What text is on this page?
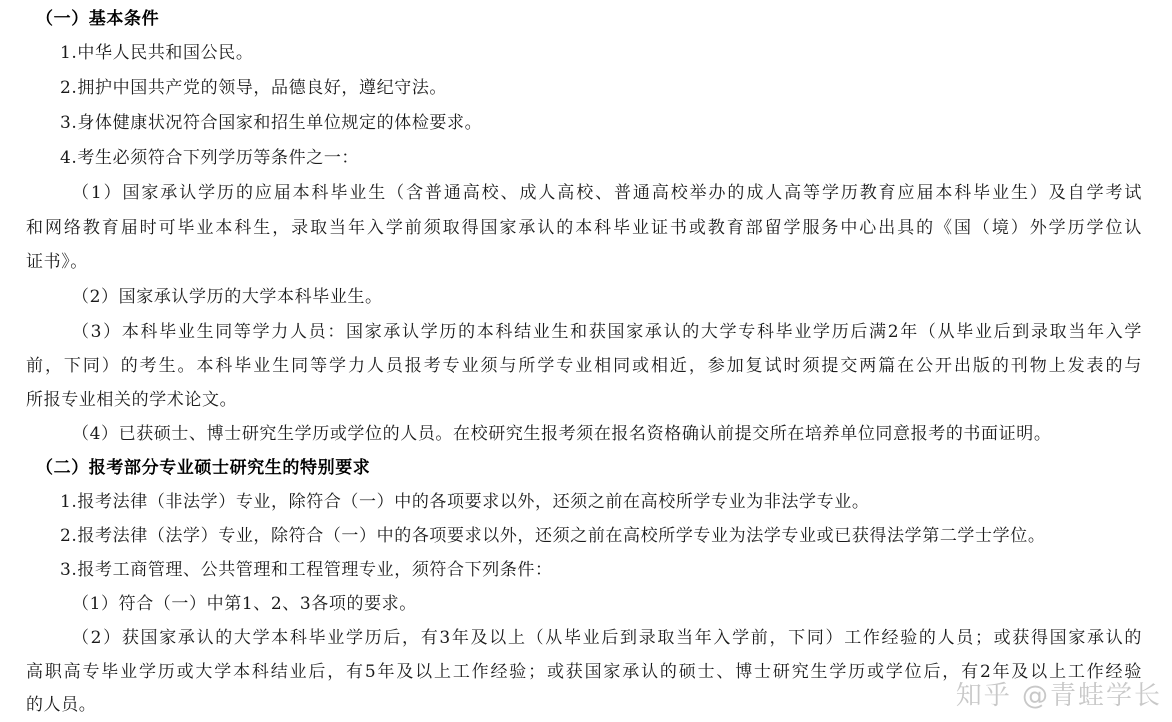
（一）基本条件
1.中华人民共和国公民。
2.拥护中国共产党的领导，品德良好，遵纪守法。
3.身体健康状况符合国家和招生单位规定的体检要求。
4.考生必须符合下列学历等条件之一：
（1）国家承认学历的应届本科毕业生（含普通高校、成人高校、普通高校举办的成人高等学历教育应届本科毕业生）及自学考试
和网络教育届时可毕业本科生，录取当年入学前须取得国家承认的本科毕业证书或教育部留学服务中心出具的《国（境）外学历学位认
证书》。
（2）国家承认学历的大学本科毕业生。
（3）本科毕业生同等学力人员：国家承认学历的本科结业生和获国家承认的大学专科毕业学历后满2年（从毕业后到录取当年入学
前，下同）的考生。本科毕业生同等学力人员报考专业须与所学专业相同或相近，参加复试时须提交两篇在公开出版的刊物上发表的与
所报专业相关的学术论文。
（4）已获硕士、博士研究生学历或学位的人员。在校研究生报考须在报名资格确认前提交所在培养单位同意报考的书面证明。
（二）报考部分专业硕士研究生的特别要求
1.报考法律（非法学）专业，除符合（一）中的各项要求以外，还须之前在高校所学专业为非法学专业。
2.报考法律（法学）专业，除符合（一）中的各项要求以外，还须之前在高校所学专业为法学专业或已获得法学第二学士学位。
3.报考工商管理、公共管理和工程管理专业，须符合下列条件：
（1）符合（一）中第1、2、3各项的要求。
（2）获国家承认的大学本科毕业学历后，有3年及以上（从毕业后到录取当年入学前，下同）工作经验的人员；或获得国家承认的
高职高专毕业学历或大学本科结业后，有5年及以上工作经验；或获国家承认的硕士、博士研究生学历或学位后，有2年及以上工作经验
的人员。	知乎 @青蛙学长
